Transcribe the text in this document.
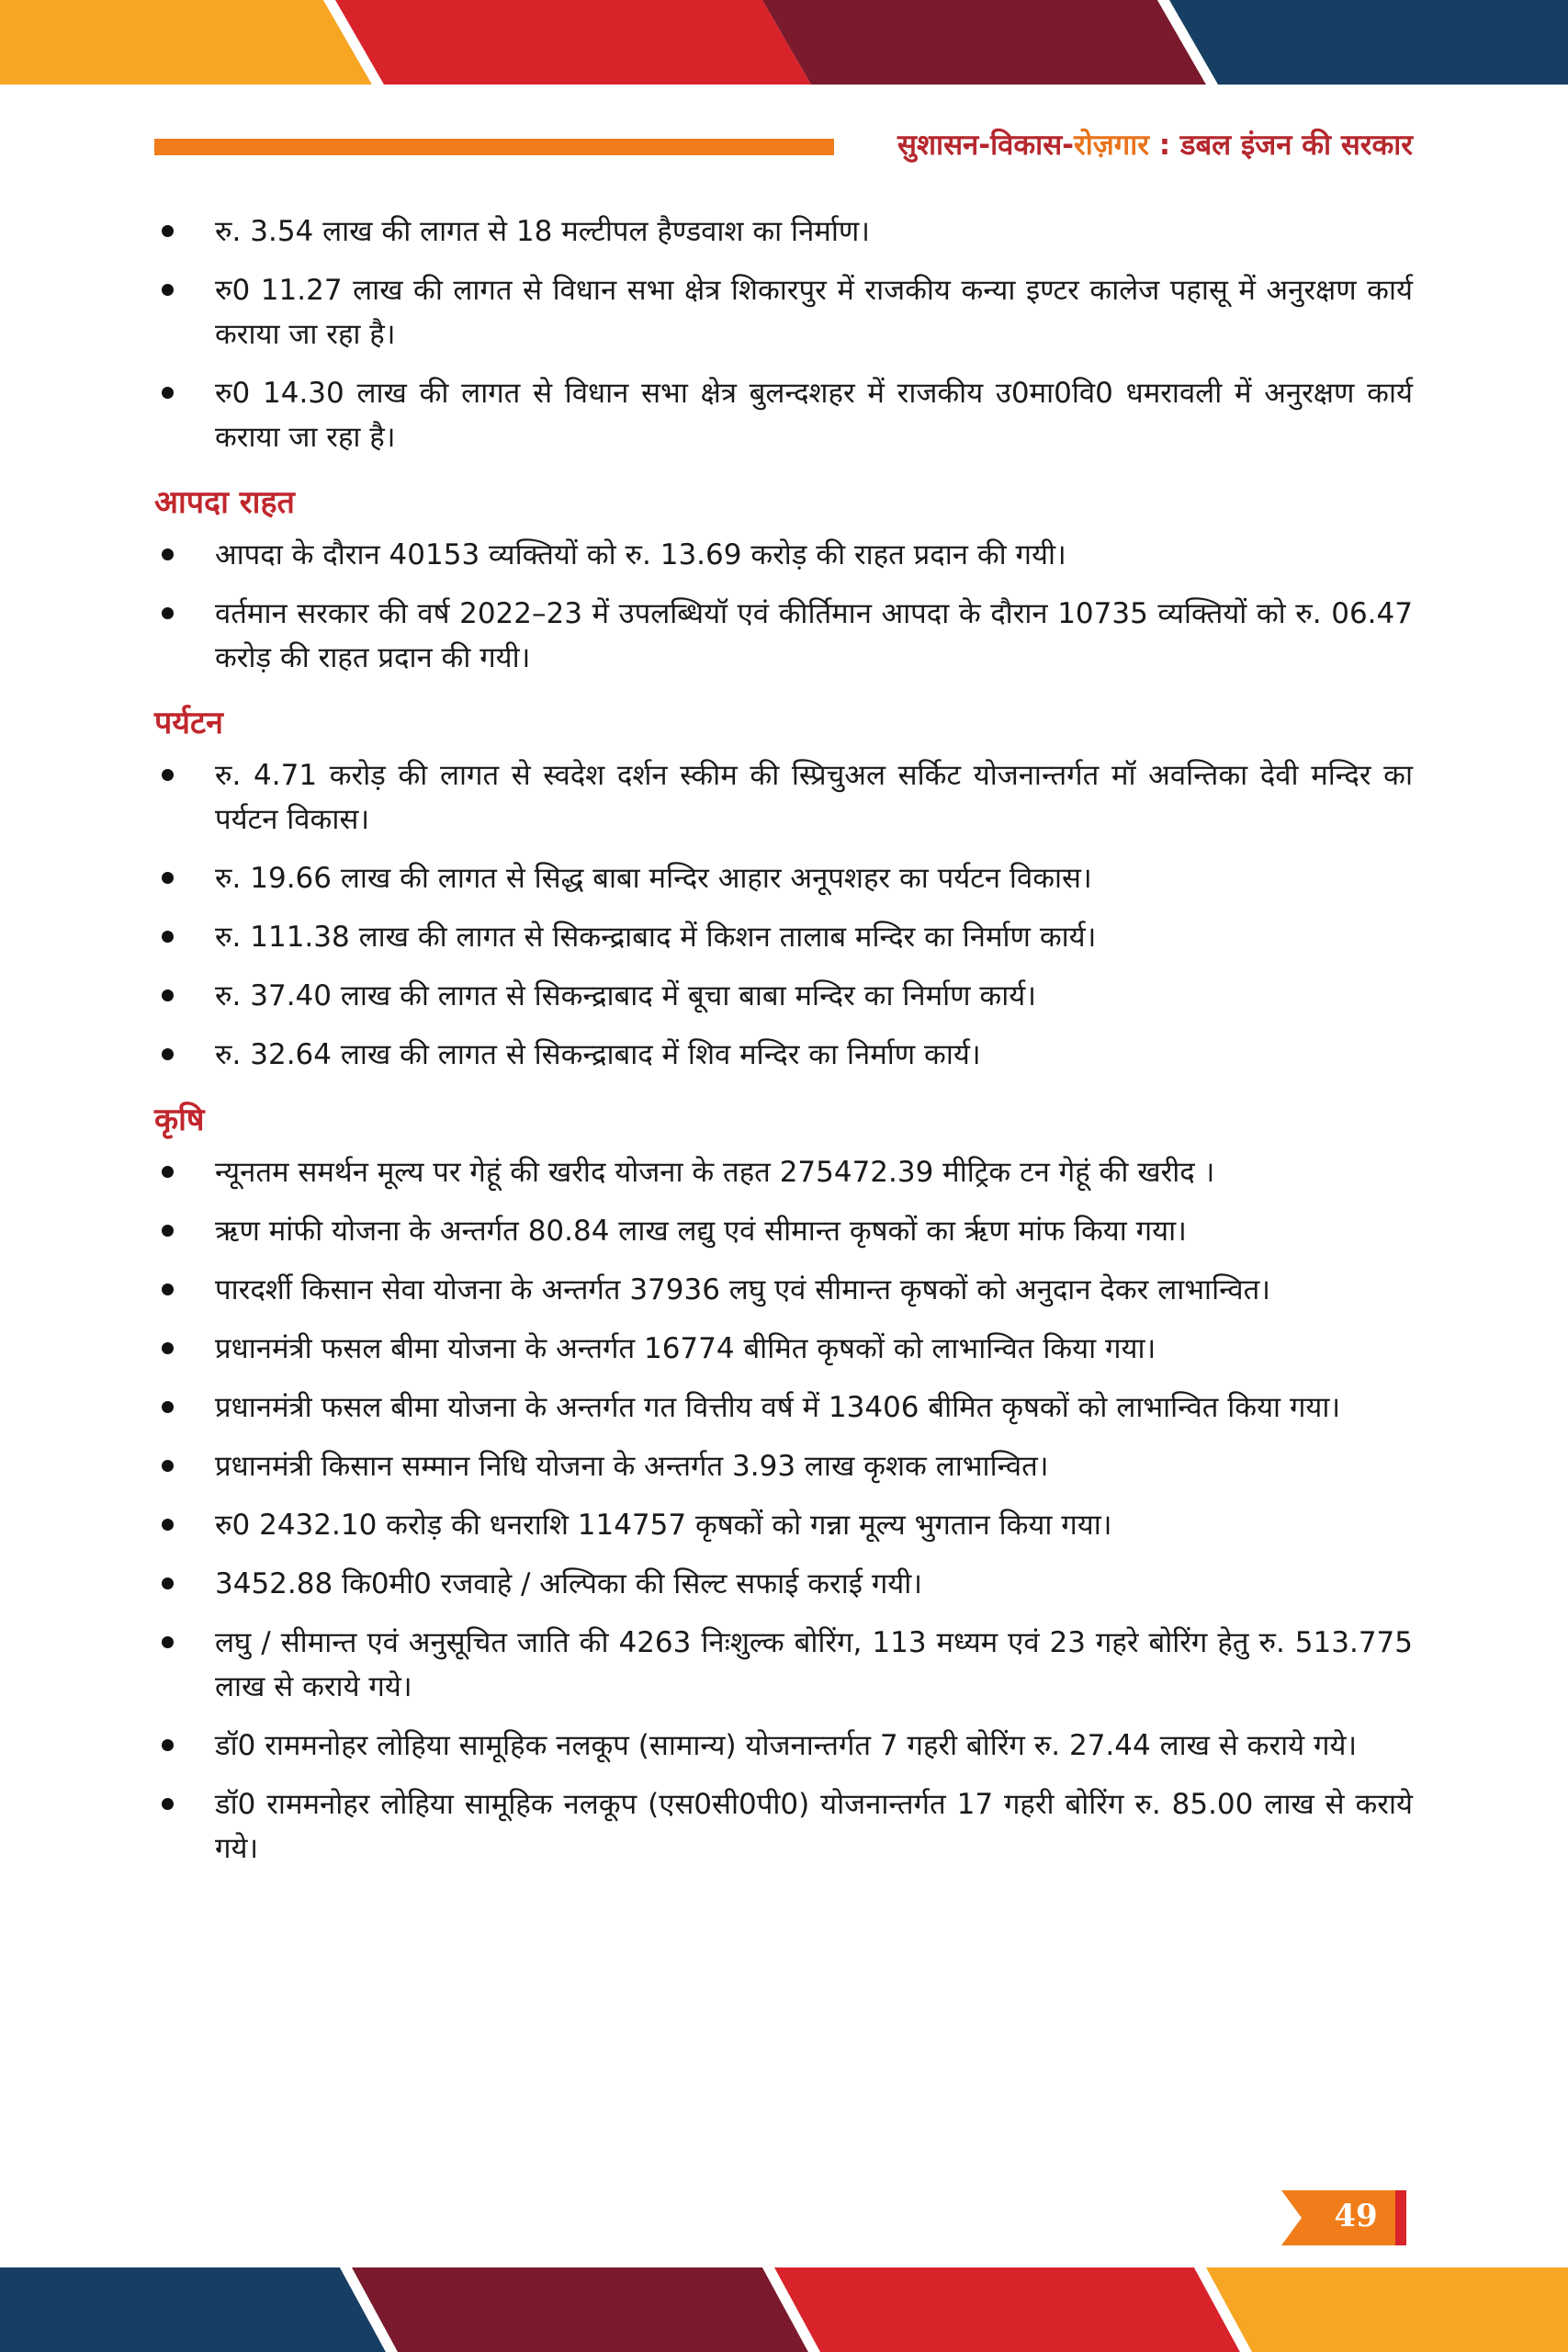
सुशासन-विकास-रोज़गार : डबल इंजन की सरकार
रु. 3.54 लाख की लागत से 18 मल्टीपल हैण्डवाश का निर्माण।
रु0 11.27 लाख की लागत से विधान सभा क्षेत्र शिकारपुर में राजकीय कन्या इण्टर कालेज पहासू में अनुरक्षण कार्य कराया जा रहा है।
रु0 14.30 लाख की लागत से विधान सभा क्षेत्र बुलन्दशहर में राजकीय उ0मा0वि0 धमरावली में अनुरक्षण कार्य कराया जा रहा है।
आपदा राहत
आपदा के दौरान 40153 व्यक्तियों को रु. 13.69 करोड़ की राहत प्रदान की गयी।
वर्तमान सरकार की वर्ष 2022–23 में उपलब्धियॉ एवं कीर्तिमान आपदा के दौरान 10735 व्यक्तियों को रु. 06.47 करोड़ की राहत प्रदान की गयी।
पर्यटन
रु. 4.71 करोड़ की लागत से स्वदेश दर्शन स्कीम की स्प्रिचुअल सर्किट योजनान्तर्गत मॉ अवन्तिका देवी मन्दिर का पर्यटन विकास।
रु. 19.66 लाख की लागत से सिद्ध बाबा मन्दिर आहार अनूपशहर का पर्यटन विकास।
रु. 111.38 लाख की लागत से सिकन्द्राबाद में किशन तालाब मन्दिर का निर्माण कार्य।
रु. 37.40 लाख की लागत से सिकन्द्राबाद में बूचा बाबा मन्दिर का निर्माण कार्य।
रु. 32.64 लाख की लागत से सिकन्द्राबाद में शिव मन्दिर का निर्माण कार्य।
कृषि
न्यूनतम समर्थन मूल्य पर गेहूं की खरीद योजना के तहत 275472.39 मीट्रिक टन गेहूं की खरीद ।
ऋण मांफी योजना के अन्तर्गत 80.84 लाख लद्यु एवं सीमान्त कृषकों का ऋृण मांफ किया गया।
पारदर्शी किसान सेवा योजना के अन्तर्गत 37936 लघु एवं सीमान्त कृषकों को अनुदान देकर लाभान्वित।
प्रधानमंत्री फसल बीमा योजना के अन्तर्गत 16774 बीमित कृषकों को लाभान्वित किया गया।
प्रधानमंत्री फसल बीमा योजना के अन्तर्गत गत वित्तीय वर्ष में 13406 बीमित कृषकों को लाभान्वित किया गया।
प्रधानमंत्री किसान सम्मान निधि योजना के अन्तर्गत 3.93 लाख कृशक लाभान्वित।
रु0 2432.10 करोड़ की धनराशि 114757 कृषकों को गन्ना मूल्य भुगतान किया गया।
3452.88 कि0मी0 रजवाहे / अल्पिका की सिल्ट सफाई कराई गयी।
लघु / सीमान्त एवं अनुसूचित जाति की 4263 निःशुल्क बोरिंग, 113 मध्यम एवं 23 गहरे बोरिंग हेतु रु. 513.775 लाख से कराये गये।
डॉ0 राममनोहर लोहिया सामूहिक नलकूप (सामान्य) योजनान्तर्गत 7 गहरी बोरिंग रु. 27.44 लाख से कराये गये।
डॉ0 राममनोहर लोहिया सामूहिक नलकूप (एस0सी0पी0) योजनान्तर्गत 17 गहरी बोरिंग रु. 85.00 लाख से कराये गये।
49
